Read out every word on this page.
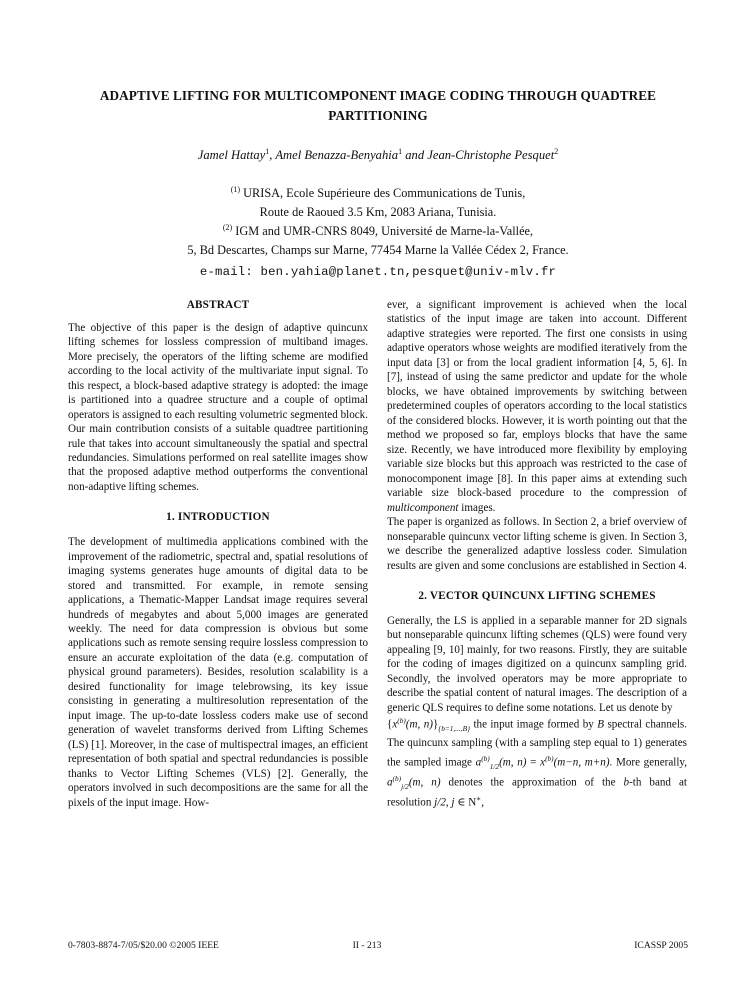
ADAPTIVE LIFTING FOR MULTICOMPONENT IMAGE CODING THROUGH QUADTREE PARTITIONING
Jamel Hattay$^1$, Amel Benazza-Benyahia$^1$ and Jean-Christophe Pesquet$^2$
$^{(1)}$ URISA, Ecole Supérieure des Communications de Tunis,
Route de Raoued 3.5 Km, 2083 Ariana, Tunisia.
$^{(2)}$ IGM and UMR-CNRS 8049, Université de Marne-la-Vallée,
5, Bd Descartes, Champs sur Marne, 77454 Marne la Vallée Cédex 2, France.
e-mail: ben.yahia@planet.tn,pesquet@univ-mlv.fr
ABSTRACT

The objective of this paper is the design of adaptive quincunx lifting schemes for lossless compression of multiband images. More precisely, the operators of the lifting scheme are modified according to the local activity of the multivariate input signal. To this respect, a block-based adaptive strategy is adopted: the image is partitioned into a quadree structure and a couple of optimal operators is assigned to each resulting volumetric segmented block. Our main contribution consists of a suitable quadtree partitioning rule that takes into account simultaneously the spatial and spectral redundancies. Simulations performed on real satellite images show that the proposed adaptive method outperforms the conventional non-adaptive lifting schemes.

1. INTRODUCTION

The development of multimedia applications combined with the improvement of the radiometric, spectral and, spatial resolutions of imaging systems generates huge amounts of digital data to be stored and transmitted. For example, in remote sensing applications, a Thematic-Mapper Landsat image requires several hundreds of megabytes and about 5,000 images are generated weekly. The need for data compression is obvious but some applications such as remote sensing require lossless compression to ensure an accurate exploitation of the data (e.g. computation of physical ground parameters). Besides, resolution scalability is a desired functionality for image telebrowsing, its key issue consisting in generating a multiresolution representation of the input image. The up-to-date lossless coders make use of second generation of wavelet transforms derived from Lifting Schemes (LS) [1]. Moreover, in the case of multispectral images, an efficient representation of both spatial and spectral redundancies is possible thanks to Vector Lifting Schemes (VLS) [2]. Generally, the operators involved in such decompositions are the same for all the pixels of the input image. How-

ever, a significant improvement is achieved when the local statistics of the input image are taken into account. Different adaptive strategies were reported. The first one consists in using adaptive operators whose weights are modified iteratively from the input data [3] or from the local gradient information [4, 5, 6]. In [7], instead of using the same predictor and update for the whole blocks, we have obtained improvements by switching between predetermined couples of operators according to the local statistics of the considered blocks. However, it is worth pointing out that the method we proposed so far, employs blocks that have the same size. Recently, we have introduced more flexibility by employing variable size blocks but this approach was restricted to the case of monocomponent image [8]. In this paper aims at extending such variable size block-based procedure to the compression of multicomponent images.

The paper is organized as follows. In Section 2, a brief overview of nonseparable quincunx vector lifting scheme is given. In Section 3, we describe the generalized adaptive lossless coder. Simulation results are given and some conclusions are established in Section 4.

2. VECTOR QUINCUNX LIFTING SCHEMES

Generally, the LS is applied in a separable manner for 2D signals but nonseparable quincunx lifting schemes (QLS) were found very appealing [9, 10] mainly, for two reasons. Firstly, they are suitable for the coding of images digitized on a quincunx sampling grid. Secondly, the involved operators may be more appropriate to describe the spatial content of natural images. The description of a generic QLS requires to define some notations. Let us denote by

{$x^{(b)}(m$, $n)\}_{\{b=1,...,B\}}$ the input image formed by B spectral channels. The quincunx sampling (with a sampling step equal to 1) generates the sampled image $a^{(b)}_{1/2}(m$, $n) = x^{(b)}(m-n$, m+n). More generally, $a^{(b)}_{j/2}(m$, n) denotes the approximation of the b-th band at resolution j/2, j ∈ N∗,

0-7803-8874-7/05/$20.00 ©2005 IEEE	II - 213	ICASSP 2005
